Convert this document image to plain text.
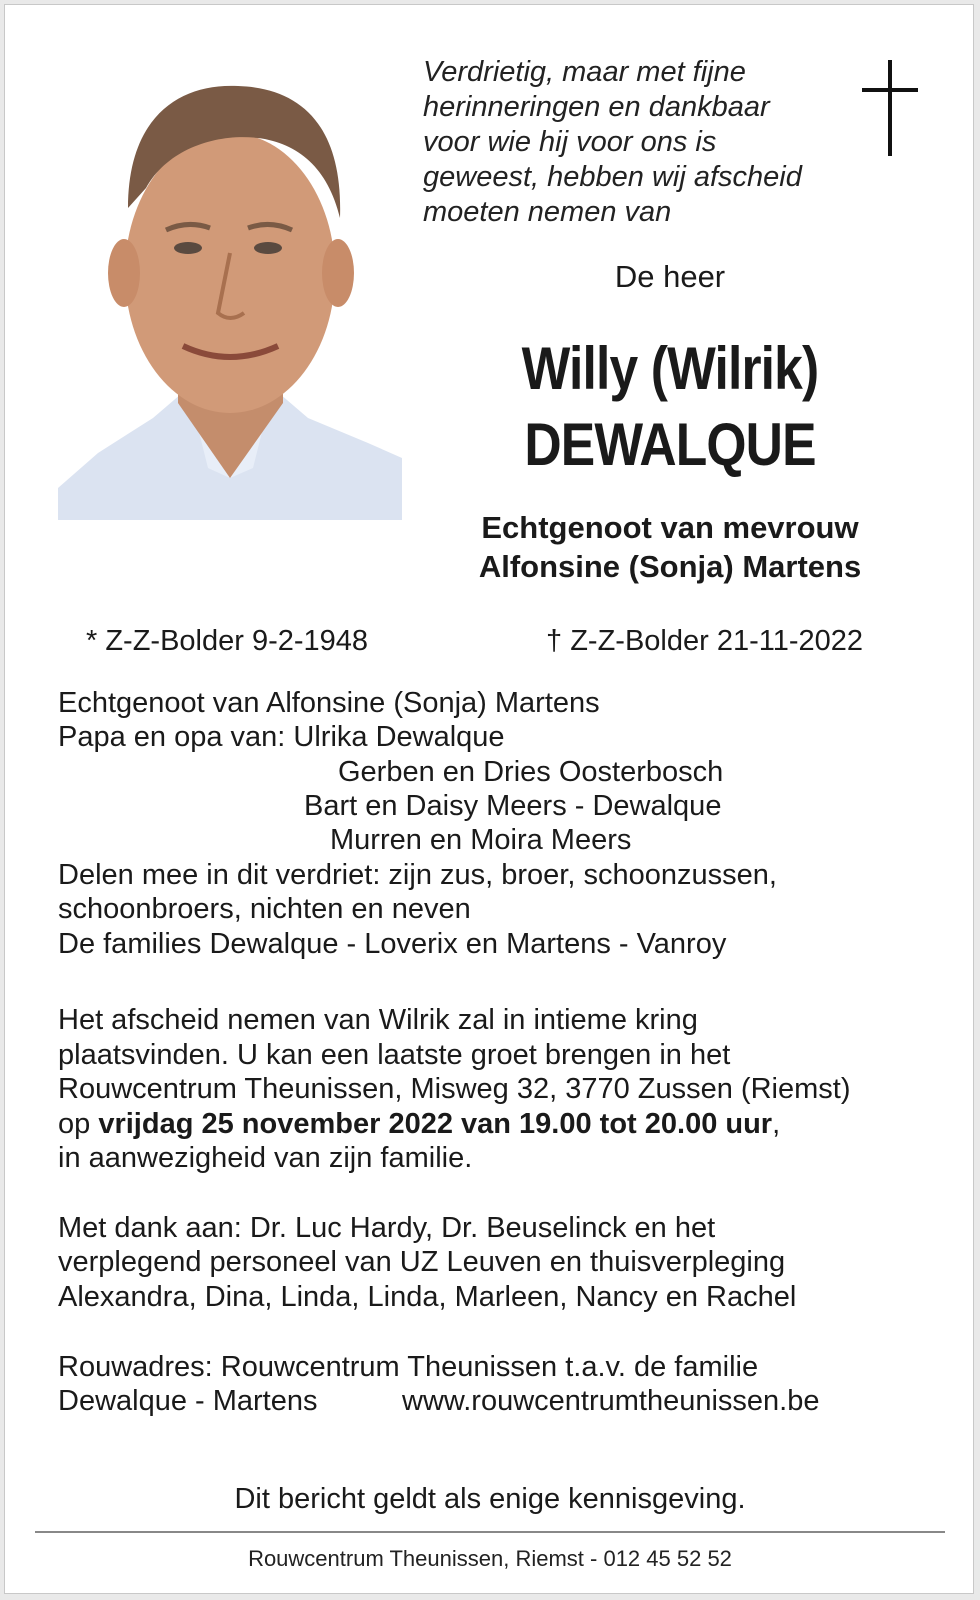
Verdrietig, maar met fijne
herinneringen en dankbaar
voor wie hij voor ons is
geweest, hebben wij afscheid
moeten nemen van
De heer
Willy (Wilrik)
DEWALQUE
Echtgenoot van mevrouw
Alfonsine (Sonja) Martens
* Z-Z-Bolder 9-2-1948	† Z-Z-Bolder 21-11-2022
Echtgenoot van Alfonsine (Sonja) Martens
Papa en opa van: Ulrika Dewalque
Gerben en Dries Oosterbosch
Bart en Daisy Meers - Dewalque
Murren en Moira Meers
Delen mee in dit verdriet: zijn zus, broer, schoonzussen,
schoonbroers, nichten en neven
De families Dewalque - Loverix en Martens - Vanroy
Het afscheid nemen van Wilrik zal in intieme kring
plaatsvinden. U kan een laatste groet brengen in het
Rouwcentrum Theunissen, Misweg 32, 3770 Zussen (Riemst)
op vrijdag 25 november 2022 van 19.00 tot 20.00 uur,
in aanwezigheid van zijn familie.
Met dank aan: Dr. Luc Hardy, Dr. Beuselinck en het
verplegend personeel van UZ Leuven en thuisverpleging
Alexandra, Dina, Linda, Linda, Marleen, Nancy en Rachel
Rouwadres: Rouwcentrum Theunissen t.a.v. de familie
Dewalque - Martens	www.rouwcentrumtheunissen.be
Dit bericht geldt als enige kennisgeving.
Rouwcentrum Theunissen, Riemst - 012 45 52 52
